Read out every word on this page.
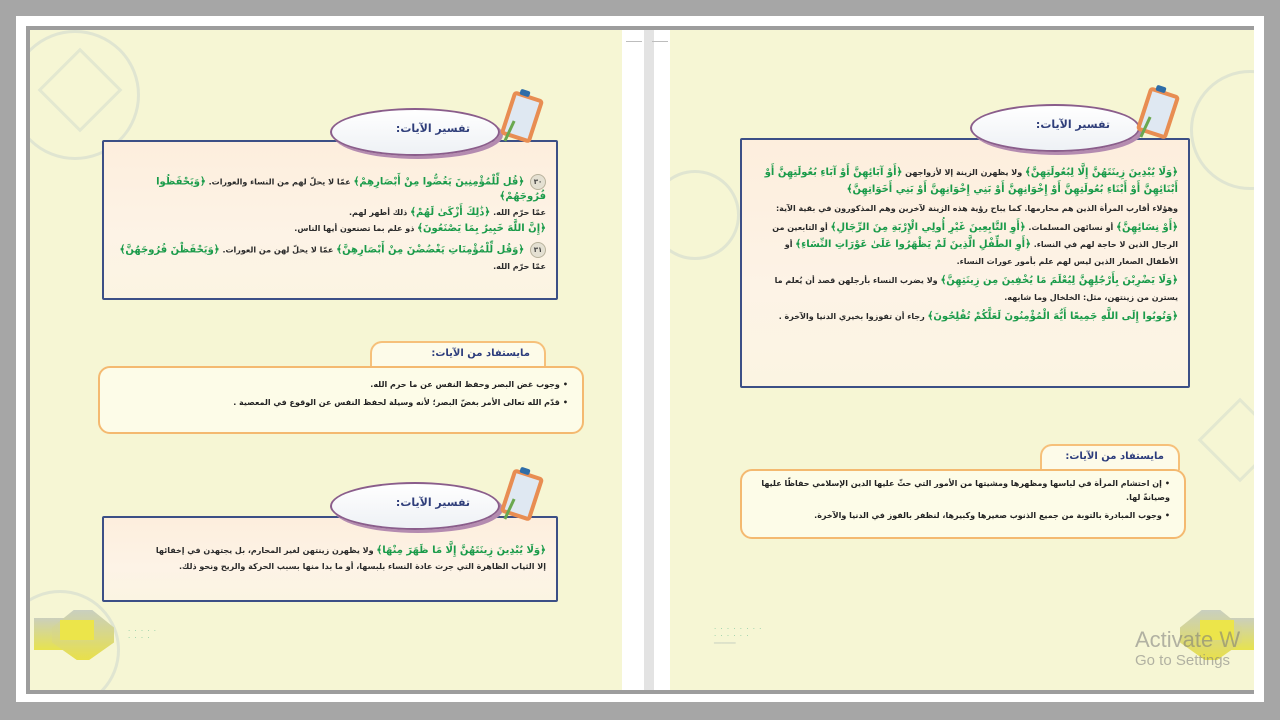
٣٠ ﴿قُل لِّلْمُؤْمِنِينَ يَغُضُّوا مِنْ أَبْصَارِهِمْ﴾ عمّا لا يحلّ لهم من النساء والعورات. ﴿وَيَحْفَظُوا فُرُوجَهُمْ﴾

عمّا حرّم الله. ﴿ذَٰلِكَ أَزْكَىٰ لَهُمْ﴾ ذلك أطهر لهم.

﴿إِنَّ اللَّهَ خَبِيرٌ بِمَا يَصْنَعُونَ﴾ ذو علم بما تصنعون أيها الناس.

٣١ ﴿وَقُل لِّلْمُؤْمِنَاتِ يَغْضُضْنَ مِنْ أَبْصَارِهِنَّ﴾ عمّا لا يحلّ لهن من العورات. ﴿وَيَحْفَظْنَ فُرُوجَهُنَّ﴾

عمّا حرّم الله.

تفسير الآيات:
مايستفاد من الآيات:
•وجوب غض البصر وحفظ النفس عن ما حرم الله.
•قدّم الله تعالى الأمر بغضّ البصر؛ لأنه وسيلة لحفظ النفس عن الوقوع في المعصية .

﴿وَلَا يُبْدِينَ زِينَتَهُنَّ إِلَّا مَا ظَهَرَ مِنْهَا﴾ ولا يظهرن زينتهن لغير المحارم، بل يجتهدن في إخفائها

إلا الثياب الظاهرة التي جرت عادة النساء بلبسها، أو ما بدا منها بسبب الحركة والريح ونحو ذلك.

تفسير الآيات:
· · · · ·
· · · ·

﴿وَلَا يُبْدِينَ زِينَتَهُنَّ إِلَّا لِبُعُولَتِهِنَّ﴾ ولا يظهرن الزينة إلا لأزواجهن ﴿أَوْ آبَائِهِنَّ أَوْ آبَاءِ بُعُولَتِهِنَّ أَوْ أَبْنَائِهِنَّ أَوْ أَبْنَاءِ بُعُولَتِهِنَّ أَوْ إِخْوَانِهِنَّ أَوْ بَنِي إِخْوَانِهِنَّ أَوْ بَنِي أَخَوَاتِهِنَّ﴾

وهؤلاء أقارب المرأة الذين هم محارمها. كما يباح رؤية هذه الزينة لآخرين وهم المذكورون في بقية الآية:

﴿أَوْ نِسَائِهِنَّ﴾ أو نسائهن المسلمات. ﴿أَوِ التَّابِعِينَ غَيْرِ أُولِي الْإِرْبَةِ مِنَ الرِّجَالِ﴾ أو التابعين من الرجال الذين لا حاجة لهم في النساء. ﴿أَوِ الطِّفْلِ الَّذِينَ لَمْ يَظْهَرُوا عَلَىٰ عَوْرَاتِ النِّسَاءِ﴾ أو الأطفال الصغار الذين ليس لهم علم بأمور عورات النساء.

﴿وَلَا يَضْرِبْنَ بِأَرْجُلِهِنَّ لِيُعْلَمَ مَا يُخْفِينَ مِن زِينَتِهِنَّ﴾ ولا يضرب النساء بأرجلهن قصد أن يُعلم ما يسترن من زينتهن، مثل: الخلخال وما شابهه.

﴿وَتُوبُوا إِلَى اللَّهِ جَمِيعًا أَيُّهَ الْمُؤْمِنُونَ لَعَلَّكُمْ تُفْلِحُونَ﴾ رجاء أن تفوزوا بخيري الدنيا والآخرة .

تفسير الآيات:
مايستفاد من الآيات:
•إن احتشام المرأة في لباسها ومظهرها ومشيتها من الأمور التي حثّ عليها الدين الإسلامي حفاظًا عليها وصيانةً لها.
•وجوب المبادرة بالتوبة من جميع الذنوب صغيرها وكبيرها، لنظفر بالفوز في الدنيا والآخرة.
· · · · · · · ·
· · · · · ·
━━━━━━	Activate W
Go to Settings
